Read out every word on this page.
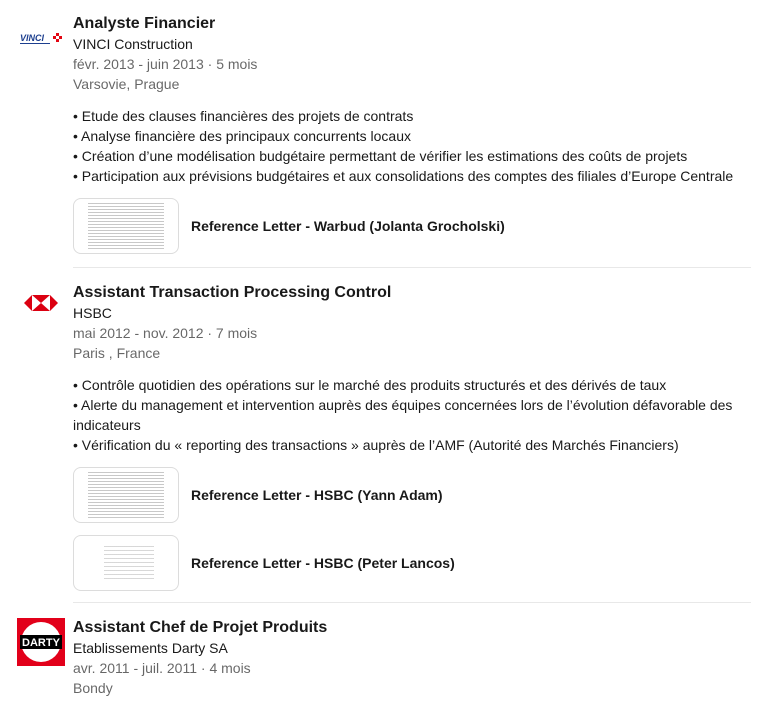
VINCI
Analyste Financier
VINCI Construction
févr. 2013 - juin 2013 · 5 mois
Varsovie, Prague
• Etude des clauses financières des projets de contrats
• Analyse financière des principaux concurrents locaux
• Création d’une modélisation budgétaire permettant de vérifier les estimations des coûts de projets
• Participation aux prévisions budgétaires et aux consolidations des comptes des filiales d’Europe Centrale
Reference Letter - Warbud (Jolanta Grocholski)
Assistant Transaction Processing Control
HSBC
mai 2012 - nov. 2012 · 7 mois
Paris , France
• Contrôle quotidien des opérations sur le marché des produits structurés et des dérivés de taux
• Alerte du management et intervention auprès des équipes concernées lors de l’évolution défavorable des indicateurs
• Vérification du « reporting des transactions » auprès de l’AMF (Autorité des Marchés Financiers)
Reference Letter - HSBC (Yann Adam)
Reference Letter - HSBC (Peter Lancos)
DARTY
Assistant Chef de Projet Produits
Etablissements Darty SA
avr. 2011 - juil. 2011 · 4 mois
Bondy
